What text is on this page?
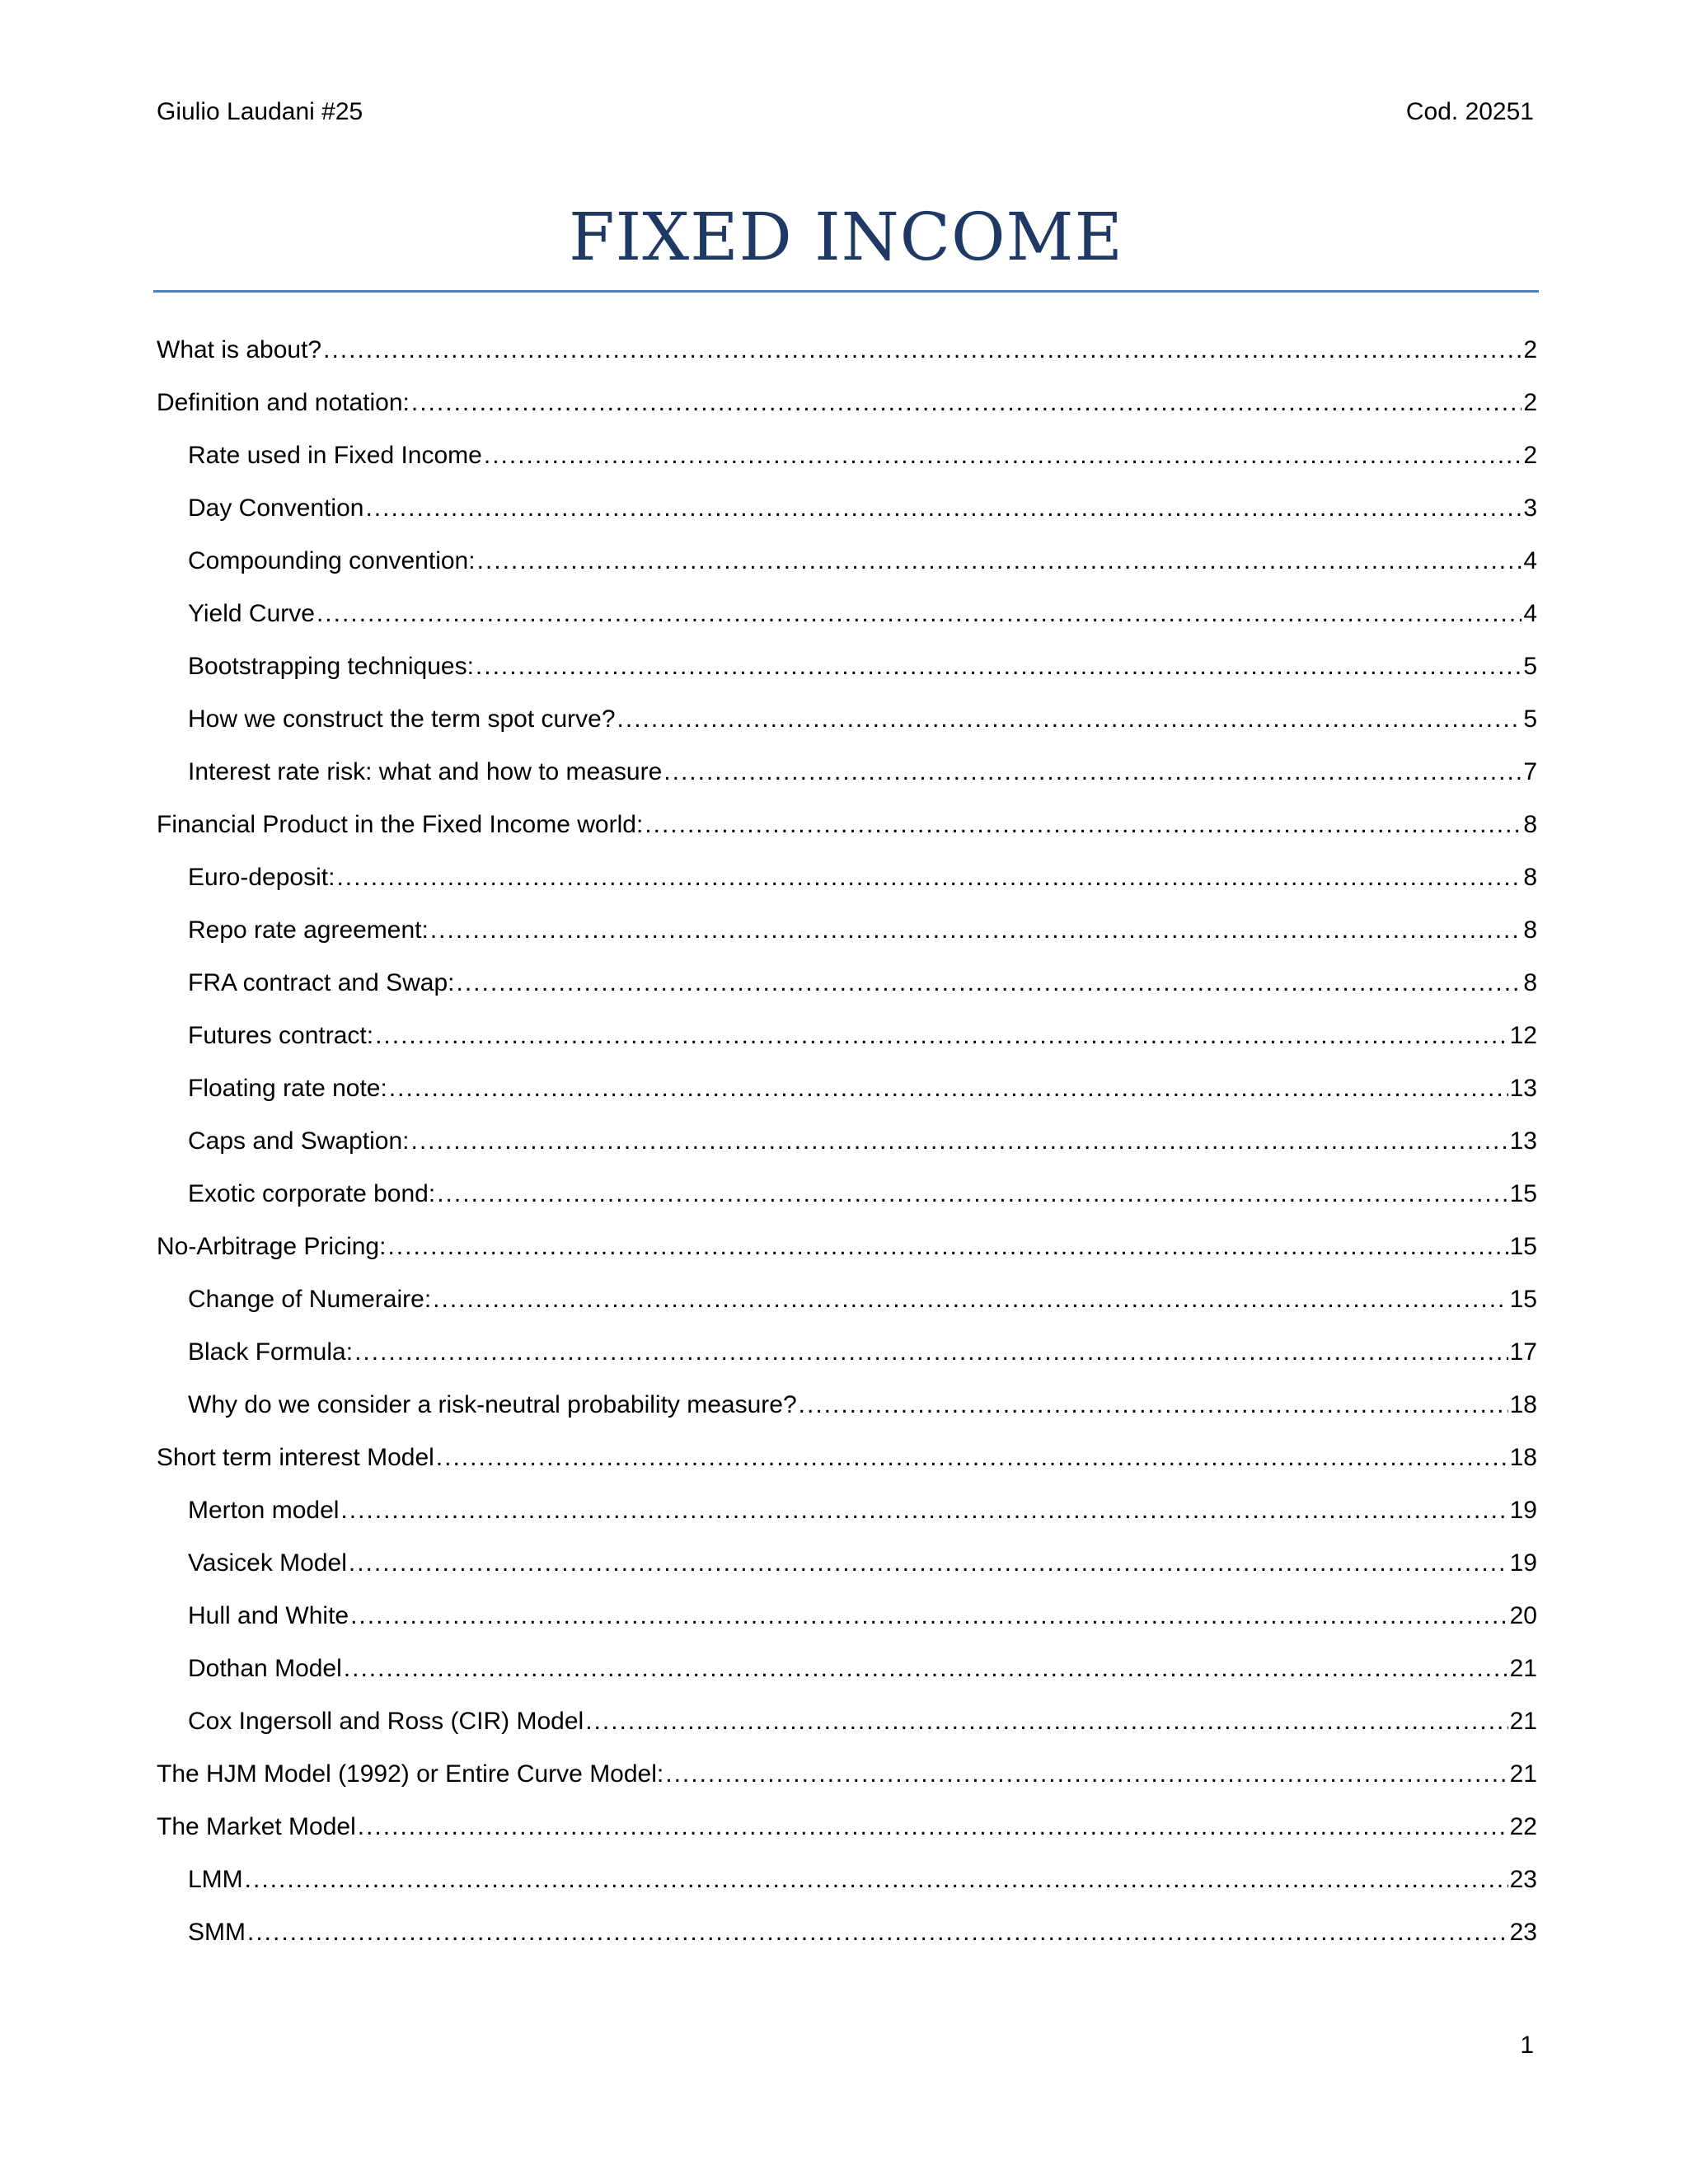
Giulio Laudani #25	Cod. 20251
FIXED INCOME
What is about? .....	2
Definition and notation: .....	2
Rate used in Fixed Income .....	2
Day Convention .....	3
Compounding convention: .....	4
Yield Curve .....	4
Bootstrapping techniques: .....	5
How we construct the term spot curve? .....	5
Interest rate risk: what and how to measure .....	7
Financial Product in the Fixed Income world: .....	8
Euro-deposit: .....	8
Repo rate agreement: .....	8
FRA contract and Swap: .....	8
Futures contract: .....	12
Floating rate note: .....	13
Caps and Swaption: .....	13
Exotic corporate bond: .....	15
No-Arbitrage Pricing: .....	15
Change of Numeraire: .....	15
Black Formula: .....	17
Why do we consider a risk-neutral probability measure? .....	18
Short term interest Model .....	18
Merton model .....	19
Vasicek Model .....	19
Hull and White .....	20
Dothan Model .....	21
Cox Ingersoll and Ross (CIR) Model .....	21
The HJM Model (1992) or Entire Curve Model: .....	21
The Market Model .....	22
LMM .....	23
SMM .....	23
1
